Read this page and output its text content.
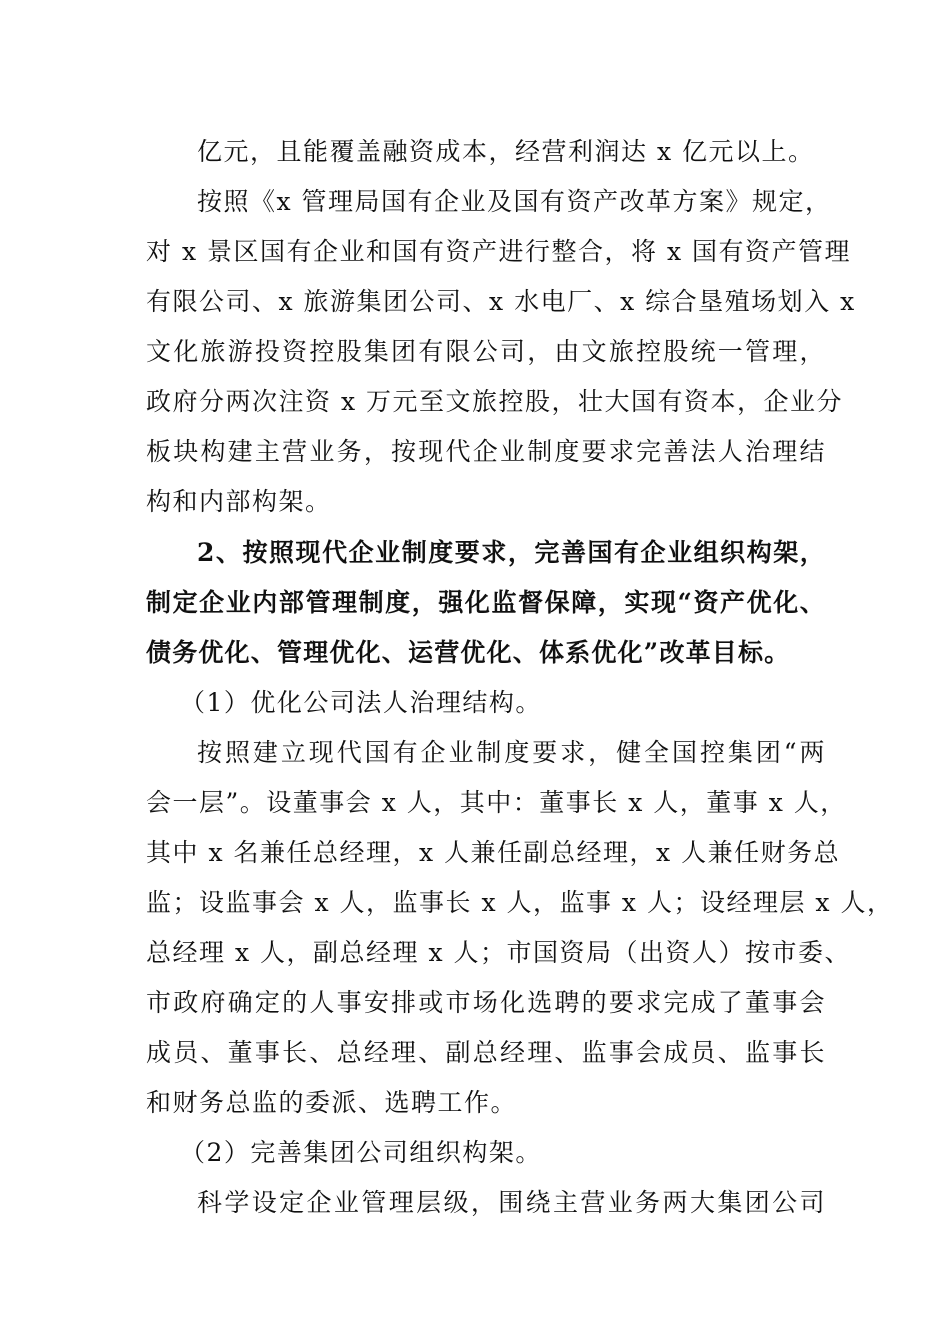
亿元，且能覆盖融资成本，经营利润达 x 亿元以上。
按照《x 管理局国有企业及国有资产改革方案》规定，
对 x 景区国有企业和国有资产进行整合，将 x 国有资产管理
有限公司、x 旅游集团公司、x 水电厂、x 综合垦殖场划入 x
文化旅游投资控股集团有限公司，由文旅控股统一管理，
政府分两次注资 x 万元至文旅控股，壮大国有资本，企业分
板块构建主营业务，按现代企业制度要求完善法人治理结
构和内部构架。
2、按照现代企业制度要求，完善国有企业组织构架，
制定企业内部管理制度，强化监督保障，实现“资产优化、
债务优化、管理优化、运营优化、体系优化”改革目标。
（1）优化公司法人治理结构。
按照建立现代国有企业制度要求，健全国控集团“两
会一层”。设董事会 x 人，其中：董事长 x 人，董事 x 人，
其中 x 名兼任总经理，x 人兼任副总经理，x 人兼任财务总
监；设监事会 x 人，监事长 x 人，监事 x 人；设经理层 x 人，
总经理 x 人，副总经理 x 人；市国资局（出资人）按市委、
市政府确定的人事安排或市场化选聘的要求完成了董事会
成员、董事长、总经理、副总经理、监事会成员、监事长
和财务总监的委派、选聘工作。
（2）完善集团公司组织构架。
科学设定企业管理层级，围绕主营业务两大集团公司
